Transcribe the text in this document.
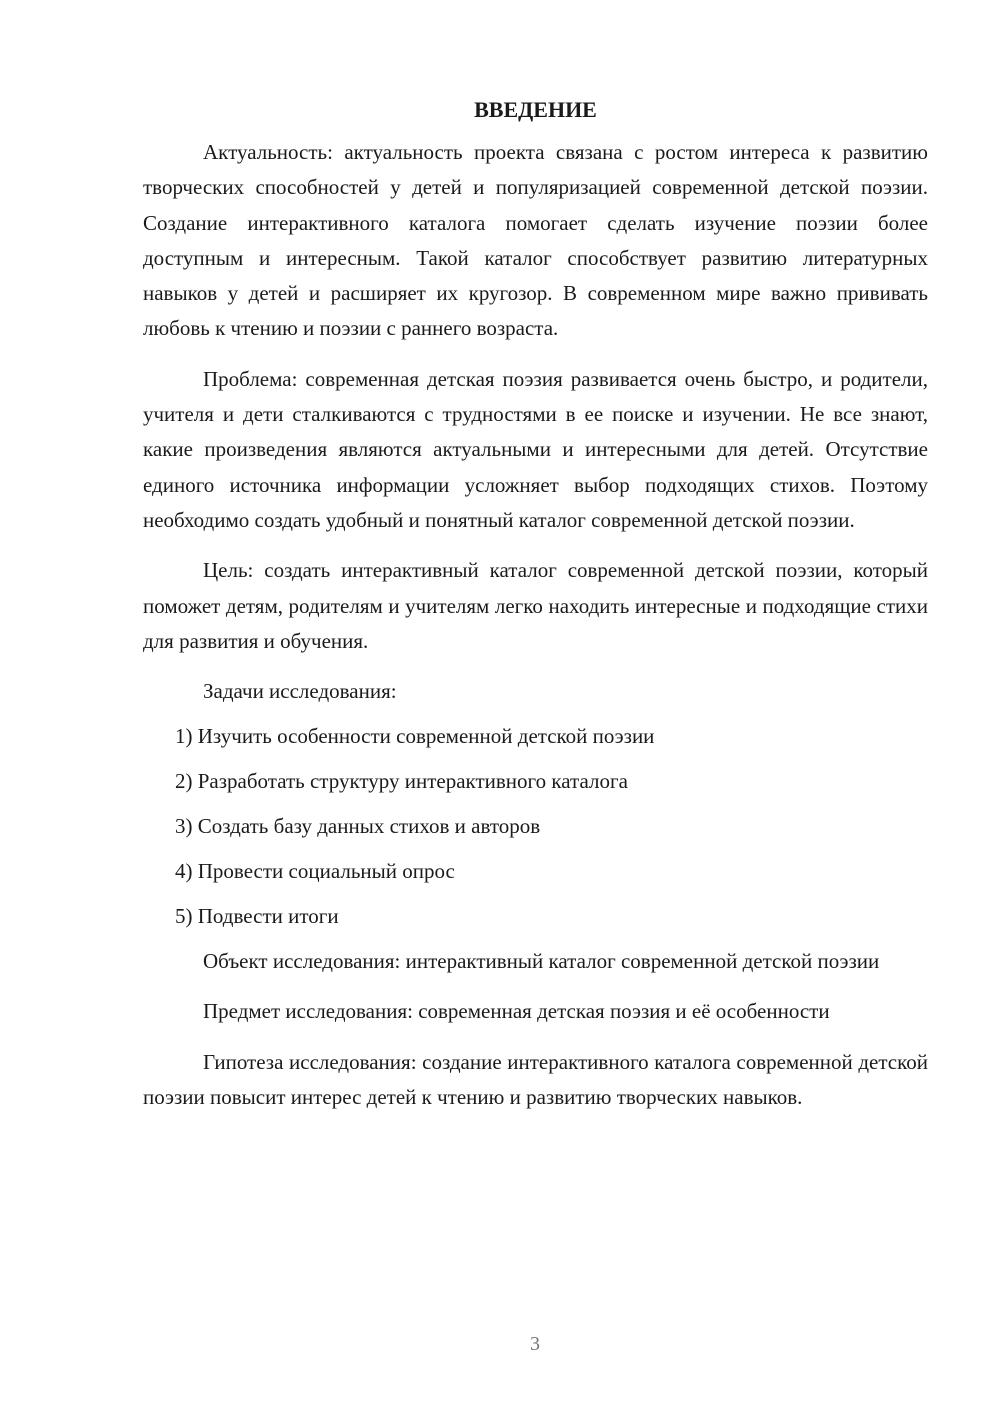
ВВЕДЕНИЕ

Актуальность: актуальность проекта связана с ростом интереса к развитию творческих способностей у детей и популяризацией современной детской поэзии. Создание интерактивного каталога помогает сделать изучение поэзии более доступным и интересным. Такой каталог способствует развитию литературных навыков у детей и расширяет их кругозор. В современном мире важно прививать любовь к чтению и поэзии с раннего возраста.

Проблема: современная детская поэзия развивается очень быстро, и родители, учителя и дети сталкиваются с трудностями в ее поиске и изучении. Не все знают, какие произведения являются актуальными и интересными для детей. Отсутствие единого источника информации усложняет выбор подходящих стихов. Поэтому необходимо создать удобный и понятный каталог современной детской поэзии.

Цель: создать интерактивный каталог современной детской поэзии, который поможет детям, родителям и учителям легко находить интересные и подходящие стихи для развития и обучения.

Задачи исследования:
1) Изучить особенности современной детской поэзии
2) Разработать структуру интерактивного каталога
3) Создать базу данных стихов и авторов
4) Провести социальный опрос
5) Подвести итоги

Объект исследования: интерактивный каталог современной детской поэзии

Предмет исследования: современная детская поэзия и её особенности

Гипотеза исследования: создание интерактивного каталога современной детской поэзии повысит интерес детей к чтению и развитию творческих навыков.

3
